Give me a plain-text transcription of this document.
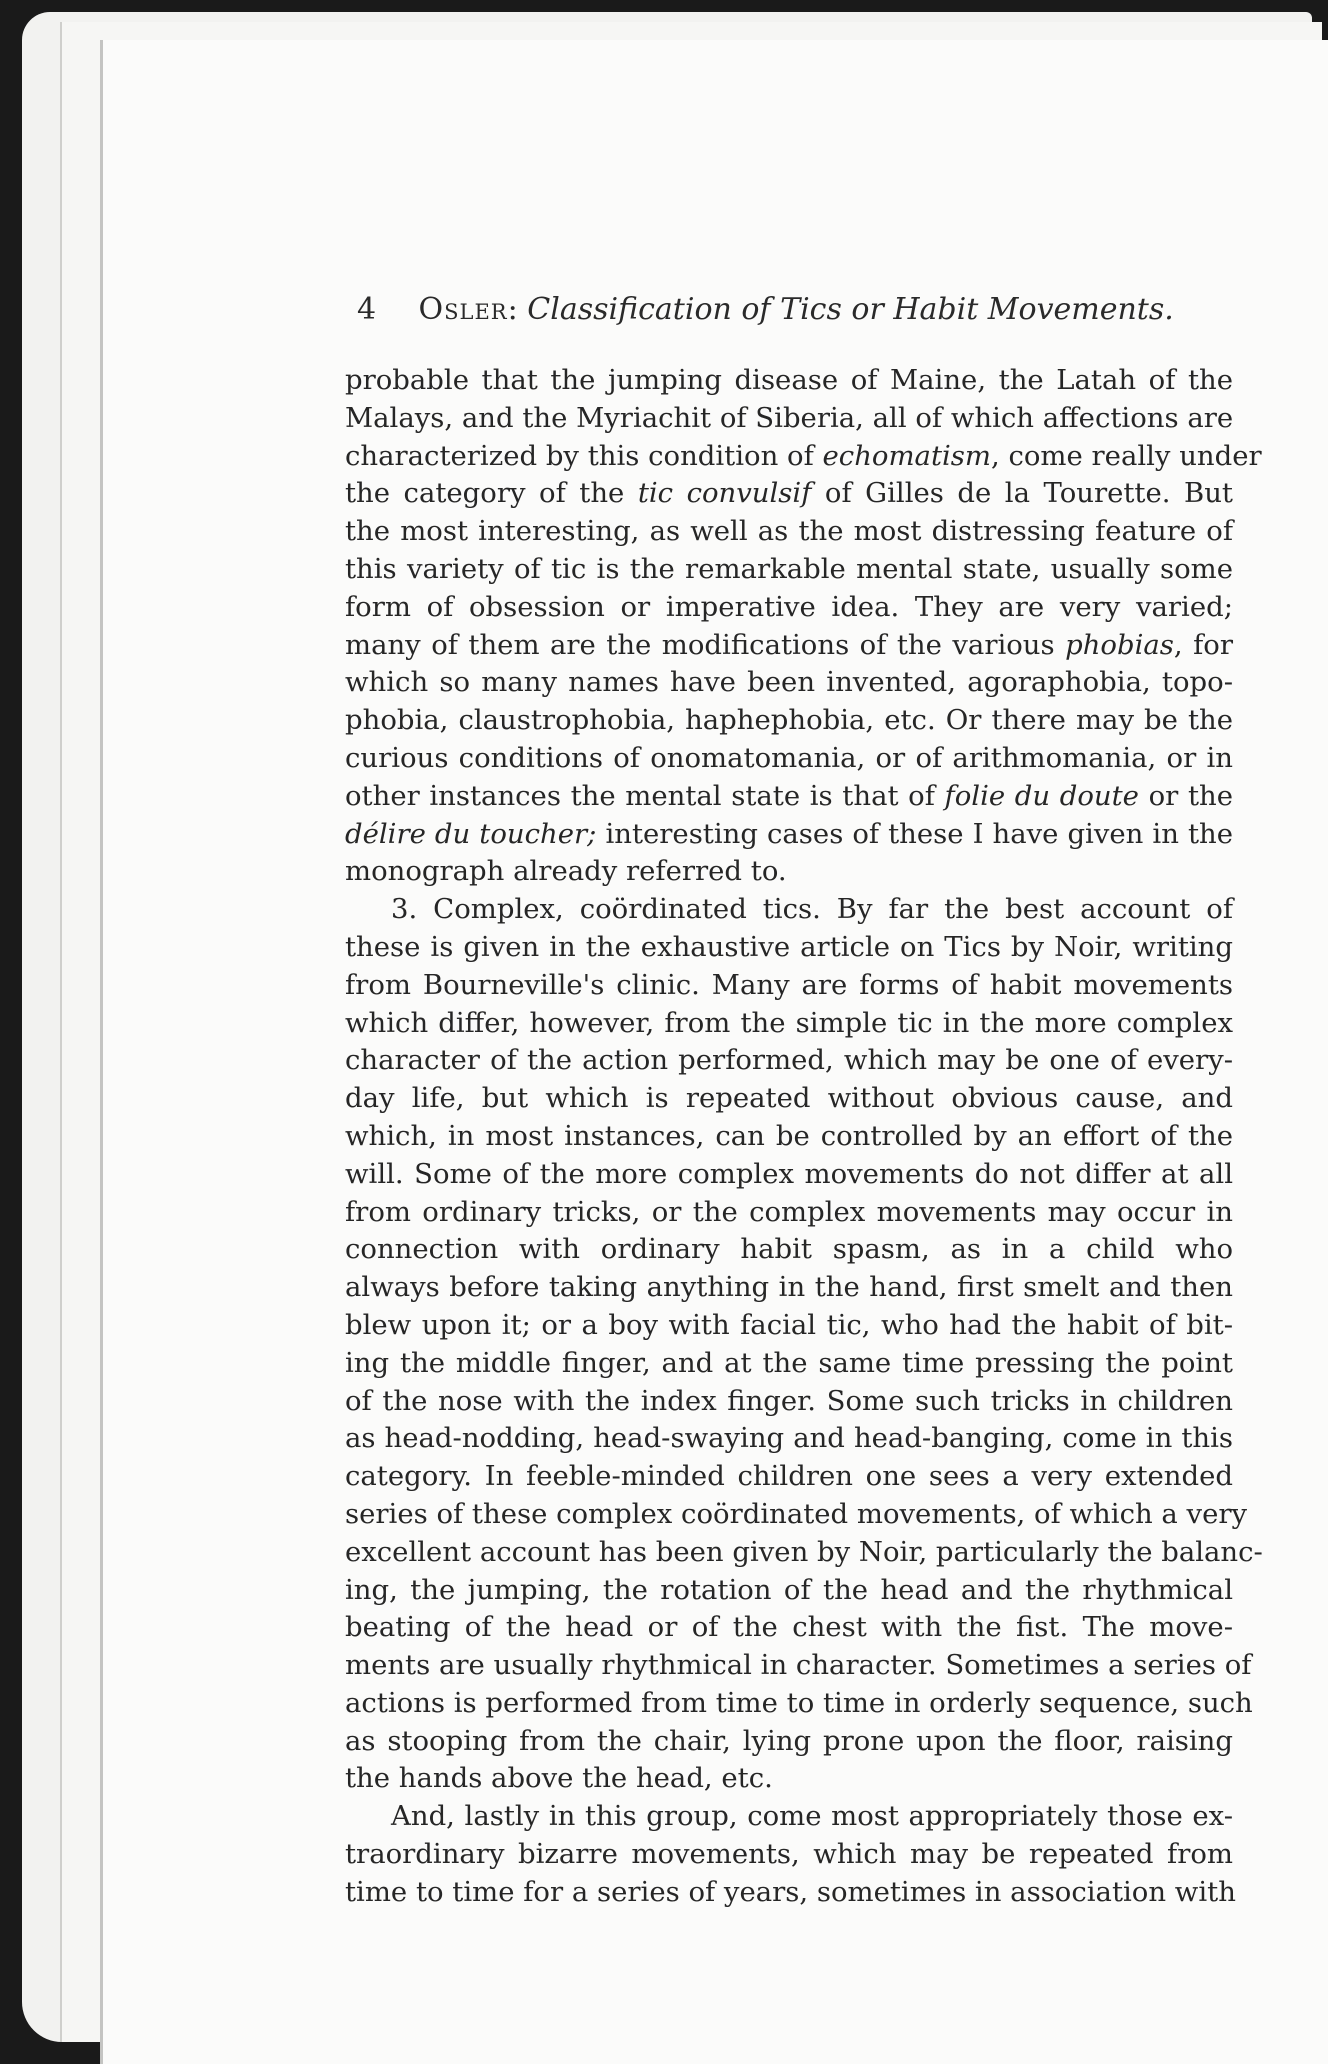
4 Osler: Classification of Tics or Habit Movements.
probable that the jumping disease of Maine, the Latah of the
Malays, and the Myriachit of Siberia, all of which affections are
characterized by this condition of echomatism, come really under
the category of the tic convulsif of Gilles de la Tourette. But
the most interesting, as well as the most distressing feature of
this variety of tic is the remarkable mental state, usually some
form of obsession or imperative idea. They are very varied;
many of them are the modifications of the various phobias, for
which so many names have been invented, agoraphobia, topo-
phobia, claustrophobia, haphephobia, etc. Or there may be the
curious conditions of onomatomania, or of arithmomania, or in
other instances the mental state is that of folie du doute or the
délire du toucher; interesting cases of these I have given in the
monograph already referred to.
3. Complex, coördinated tics. By far the best account of
these is given in the exhaustive article on Tics by Noir, writing
from Bourneville's clinic. Many are forms of habit movements
which differ, however, from the simple tic in the more complex
character of the action performed, which may be one of every-
day life, but which is repeated without obvious cause, and
which, in most instances, can be controlled by an effort of the
will. Some of the more complex movements do not differ at all
from ordinary tricks, or the complex movements may occur in
connection with ordinary habit spasm, as in a child who
always before taking anything in the hand, first smelt and then
blew upon it; or a boy with facial tic, who had the habit of bit-
ing the middle finger, and at the same time pressing the point
of the nose with the index finger. Some such tricks in children
as head-nodding, head-swaying and head-banging, come in this
category. In feeble-minded children one sees a very extended
series of these complex coördinated movements, of which a very
excellent account has been given by Noir, particularly the balanc-
ing, the jumping, the rotation of the head and the rhythmical
beating of the head or of the chest with the fist. The move-
ments are usually rhythmical in character. Sometimes a series of
actions is performed from time to time in orderly sequence, such
as stooping from the chair, lying prone upon the floor, raising
the hands above the head, etc.
And, lastly in this group, come most appropriately those ex-
traordinary bizarre movements, which may be repeated from
time to time for a series of years, sometimes in association with
